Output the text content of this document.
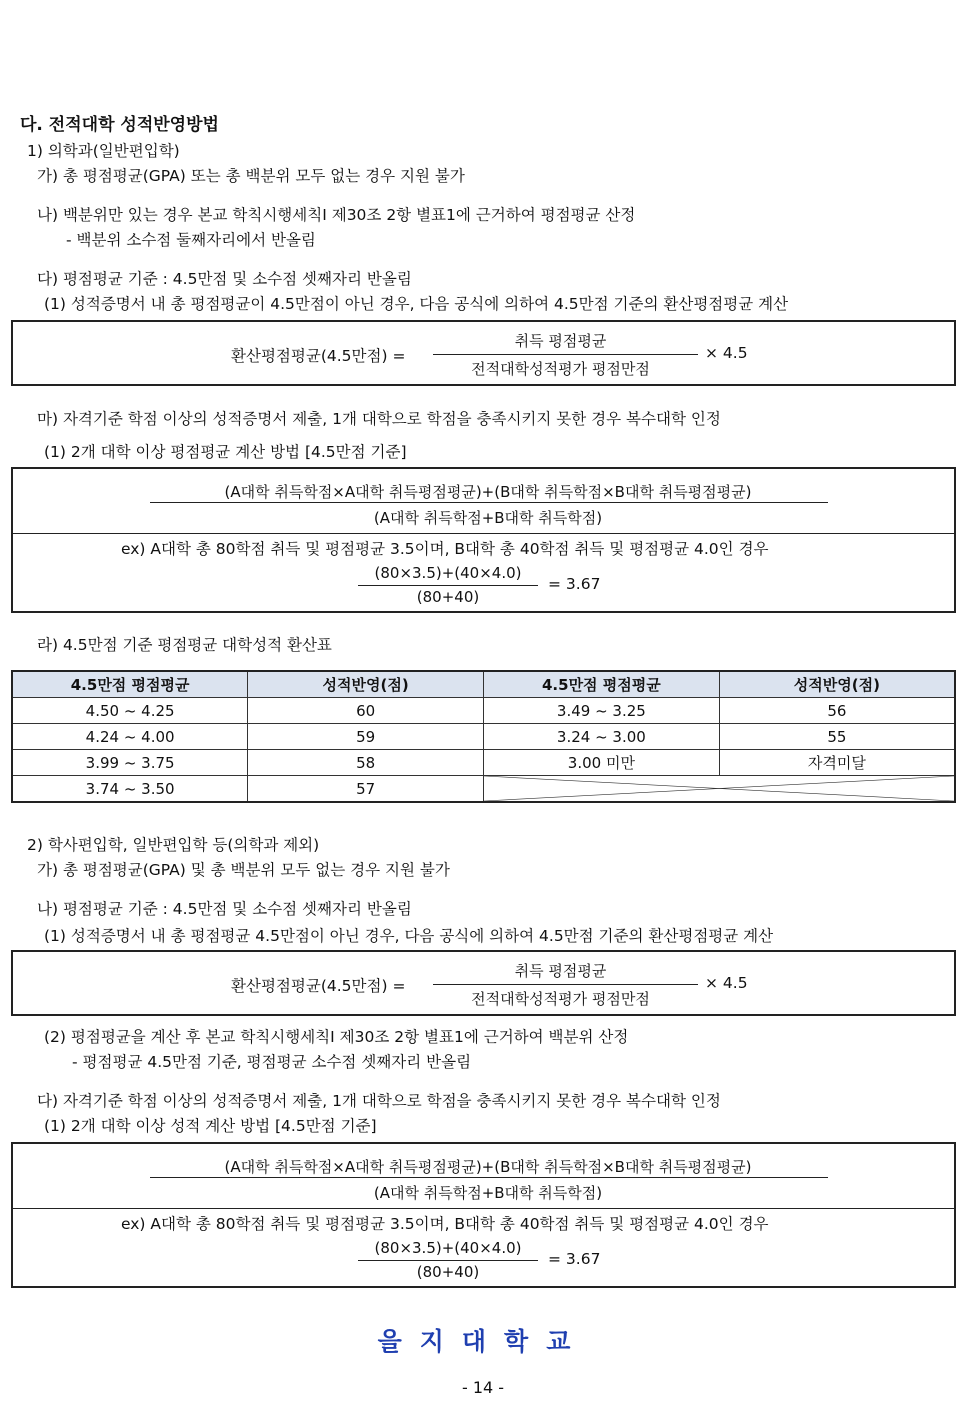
다. 전적대학 성적반영방법
1) 의학과(일반편입학)
가) 총 평점평균(GPA) 또는 총 백분위 모두 없는 경우 지원 불가
나) 백분위만 있는 경우 본교 학칙시행세칙Ⅰ 제30조 2항 별표1에 근거하여 평점평균 산정
- 백분위 소수점 둘째자리에서 반올림
다) 평점평균 기준 : 4.5만점 및 소수점 셋째자리 반올림
(1) 성적증명서 내 총 평점평균이 4.5만점이 아닌 경우, 다음 공식에 의하여 4.5만점 기준의 환산평점평균 계산
환산평점평균(4.5만점) =
취득 평점평균
전적대학성적평가 평점만점
× 4.5
마) 자격기준 학점 이상의 성적증명서 제출, 1개 대학으로 학점을 충족시키지 못한 경우 복수대학 인정
(1) 2개 대학 이상 평점평균 계산 방법 [4.5만점 기준]
(A대학 취득학점×A대학 취득평점평균)+(B대학 취득학점×B대학 취득평점평균)
(A대학 취득학점+B대학 취득학점)
ex) A대학 총 80학점 취득 및 평점평균 3.5이며, B대학 총 40학점 취득 및 평점평균 4.0인 경우
(80×3.5)+(40×4.0)
(80+40)
= 3.67
라) 4.5만점 기준 평점평균 대학성적 환산표
4.5만점 평점평균	성적반영(점)	4.5만점 평점평균	성적반영(점)
4.50 ~ 4.25	60	3.49 ~ 3.25	56
4.24 ~ 4.00	59	3.24 ~ 3.00	55
3.99 ~ 3.75	58	3.00 미만	자격미달
3.74 ~ 3.50	57	
2) 학사편입학, 일반편입학 등(의학과 제외)
가) 총 평점평균(GPA) 및 총 백분위 모두 없는 경우 지원 불가
나) 평점평균 기준 : 4.5만점 및 소수점 셋째자리 반올림
(1) 성적증명서 내 총 평점평균 4.5만점이 아닌 경우, 다음 공식에 의하여 4.5만점 기준의 환산평점평균 계산
환산평점평균(4.5만점) =
취득 평점평균
전적대학성적평가 평점만점
× 4.5
(2) 평점평균을 계산 후 본교 학칙시행세칙Ⅰ 제30조 2항 별표1에 근거하여 백분위 산정
- 평점평균 4.5만점 기준, 평점평균 소수점 셋째자리 반올림
다) 자격기준 학점 이상의 성적증명서 제출, 1개 대학으로 학점을 충족시키지 못한 경우 복수대학 인정
(1) 2개 대학 이상 성적 계산 방법 [4.5만점 기준]
(A대학 취득학점×A대학 취득평점평균)+(B대학 취득학점×B대학 취득평점평균)
(A대학 취득학점+B대학 취득학점)
ex) A대학 총 80학점 취득 및 평점평균 3.5이며, B대학 총 40학점 취득 및 평점평균 4.0인 경우
(80×3.5)+(40×4.0)
(80+40)
= 3.67
을지대학교
- 14 -
